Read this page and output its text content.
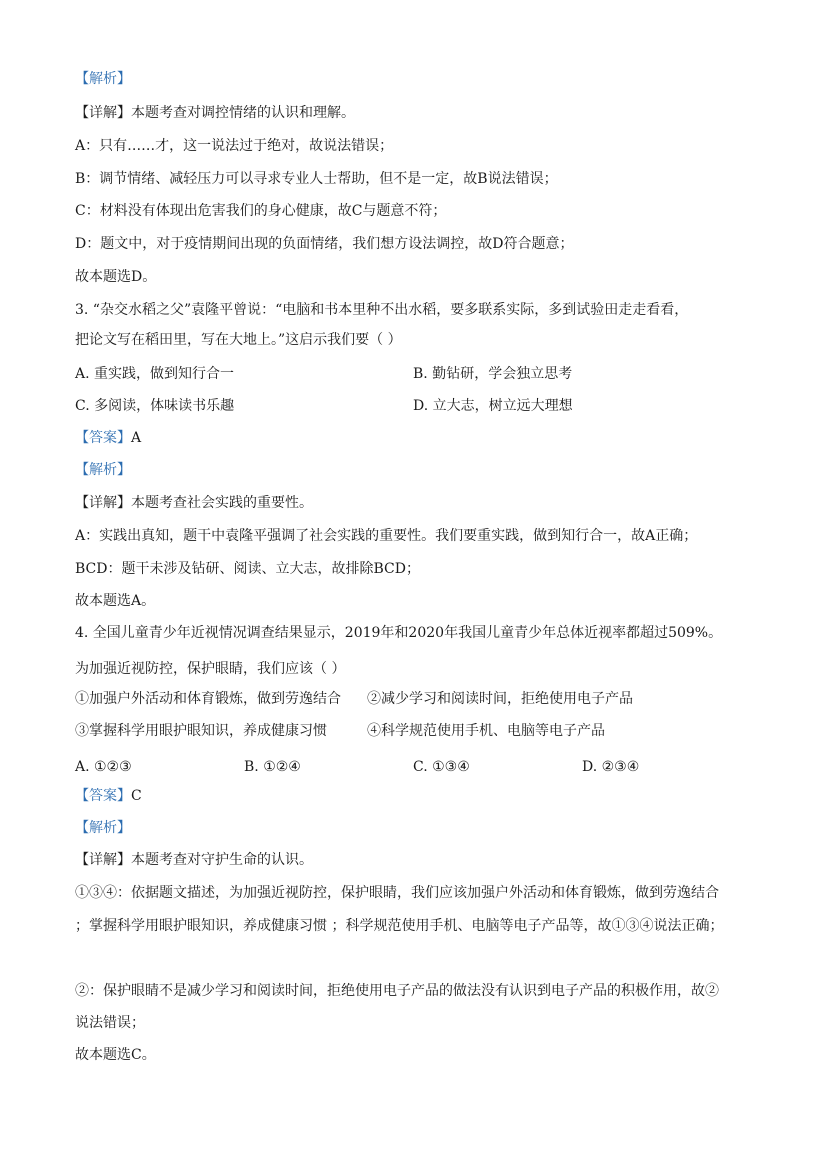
【解析】
【详解】本题考查对调控情绪的认识和理解。
A：只有……才，这一说法过于绝对，故说法错误；
B：调节情绪、减轻压力可以寻求专业人士帮助，但不是一定，故B说法错误；
C：材料没有体现出危害我们的身心健康，故C与题意不符；
D：题文中，对于疫情期间出现的负面情绪，我们想方设法调控，故D符合题意；
故本题选D。
3. “杂交水稻之父”袁隆平曾说：“电脑和书本里种不出水稻，要多联系实际，多到试验田走走看看，
把论文写在稻田里，写在大地上。”这启示我们要（ ）
A. 重实践，做到知行合一	B. 勤钻研，学会独立思考
C. 多阅读，体味读书乐趣	D. 立大志，树立远大理想
【答案】A
【解析】
【详解】本题考查社会实践的重要性。
A：实践出真知，题干中袁隆平强调了社会实践的重要性。我们要重实践，做到知行合一，故A正确；
BCD：题干未涉及钻研、阅读、立大志，故排除BCD；
故本题选A。
4. 全国儿童青少年近视情况调查结果显示，2019年和2020年我国儿童青少年总体近视率都超过509%。
为加强近视防控，保护眼睛，我们应该（ ）
①加强户外活动和体育锻炼，做到劳逸结合 ②减少学习和阅读时间，拒绝使用电子产品
③掌握科学用眼护眼知识，养成健康习惯	④科学规范使用手机、电脑等电子产品
A. ①②③	B. ①②④	C. ①③④	D. ②③④
【答案】C
【解析】
【详解】本题考查对守护生命的认识。
①③④：依据题文描述，为加强近视防控，保护眼睛，我们应该加强户外活动和体育锻炼，做到劳逸结合
；掌握科学用眼护眼知识，养成健康习惯 ；科学规范使用手机、电脑等电子产品等，故①③④说法正确；
②：保护眼睛不是减少学习和阅读时间，拒绝使用电子产品的做法没有认识到电子产品的积极作用，故②
说法错误；
故本题选C。
